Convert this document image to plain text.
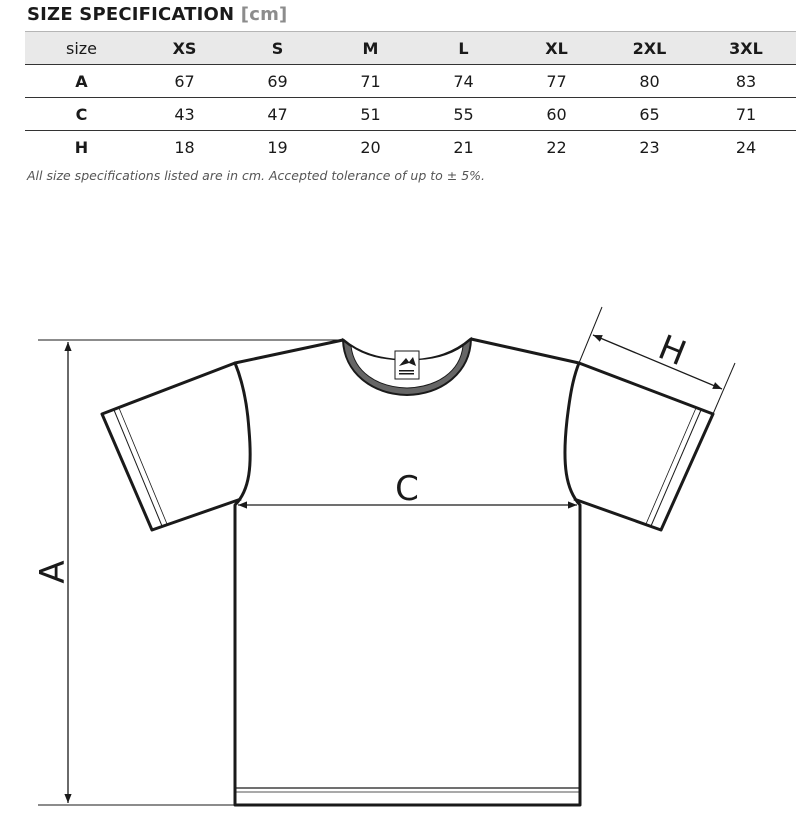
SIZE SPECIFICATION [cm]
size	XS	S	M	L	XL	2XL	3XL
A	67	69	71	74	77	80	83
C	43	47	51	55	60	65	71
H	18	19	20	21	22	23	24
All size specifications listed are in cm. Accepted tolerance of up to ± 5%.
A
C
H
